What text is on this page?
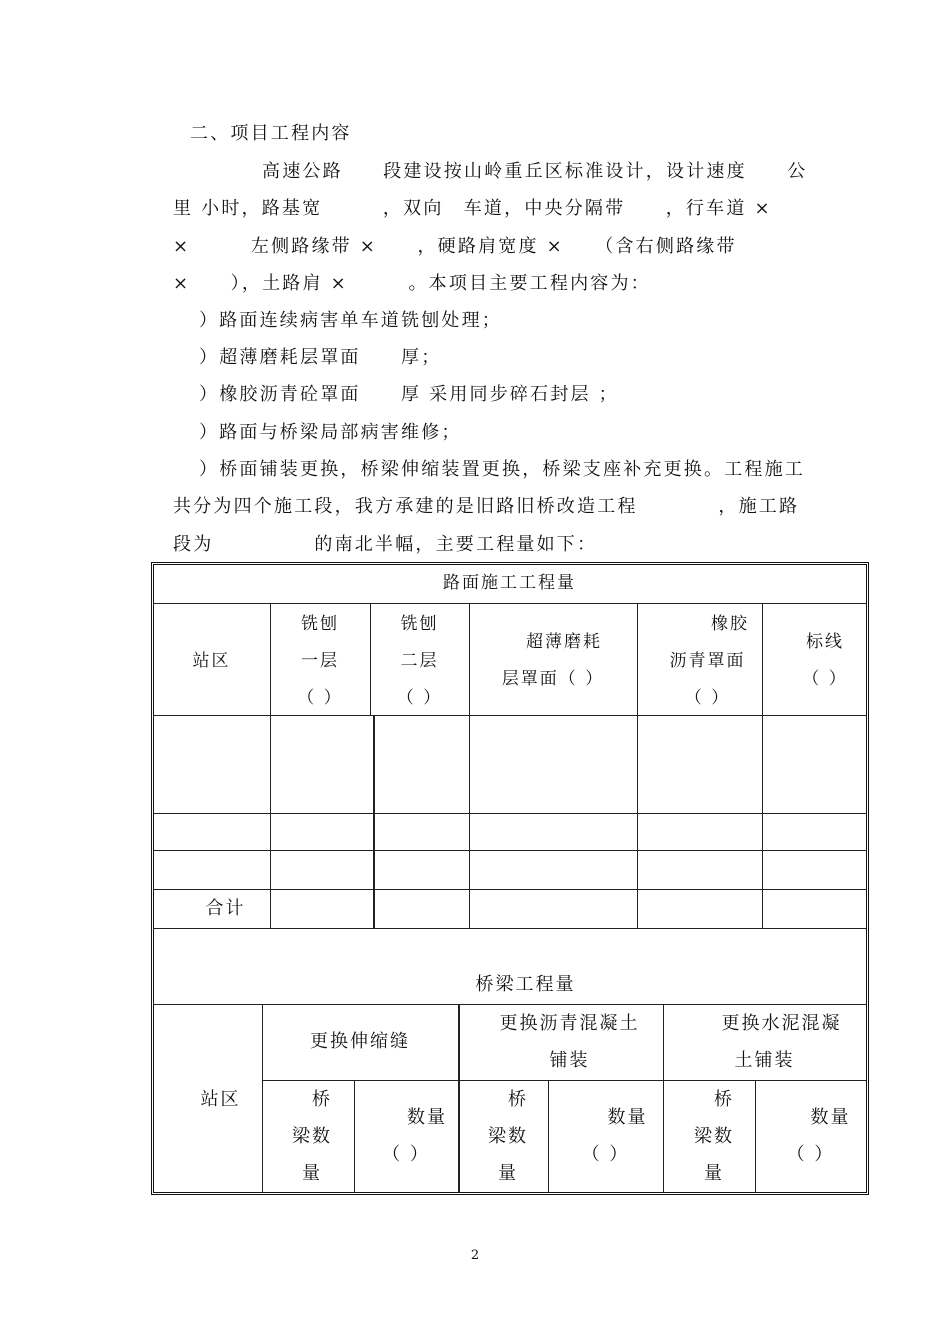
二、项目工程内容
高速公路　　段建设按山岭重丘区标准设计，设计速度　　公
里 小时，路基宽　　　，双向　车道，中央分隔带　　，行车道 ×
×　　　左侧路缘带 ×　　，硬路肩宽度 ×　　（含右侧路缘带
×　　），土路肩 ×　　　。本项目主要工程内容为：
）路面连续病害单车道铣刨处理；
）超薄磨耗层罩面　　厚；
）橡胶沥青砼罩面　　厚 采用同步碎石封层 ；
）路面与桥梁局部病害维修；
）桥面铺装更换，桥梁伸缩装置更换，桥梁支座补充更换。工程施工
共分为四个施工段，我方承建的是旧路旧桥改造工程　　　　，施工路
段为　　　　　的南北半幅，主要工程量如下：
路面施工工程量
站区
铣刨
一层
（ ）
铣刨
二层
（ ）
超薄磨耗
层罩面（ ）
橡胶
沥青罩面
（ ）
标线
（ ）
合计
桥梁工程量
站区
更换伸缩缝
更换沥青混凝土
铺装
更换水泥混凝
土铺装
桥
梁数
量
数量
（ ）
桥
梁数
量
数量
（ ）
桥
梁数
量
数量
（ ）
2
